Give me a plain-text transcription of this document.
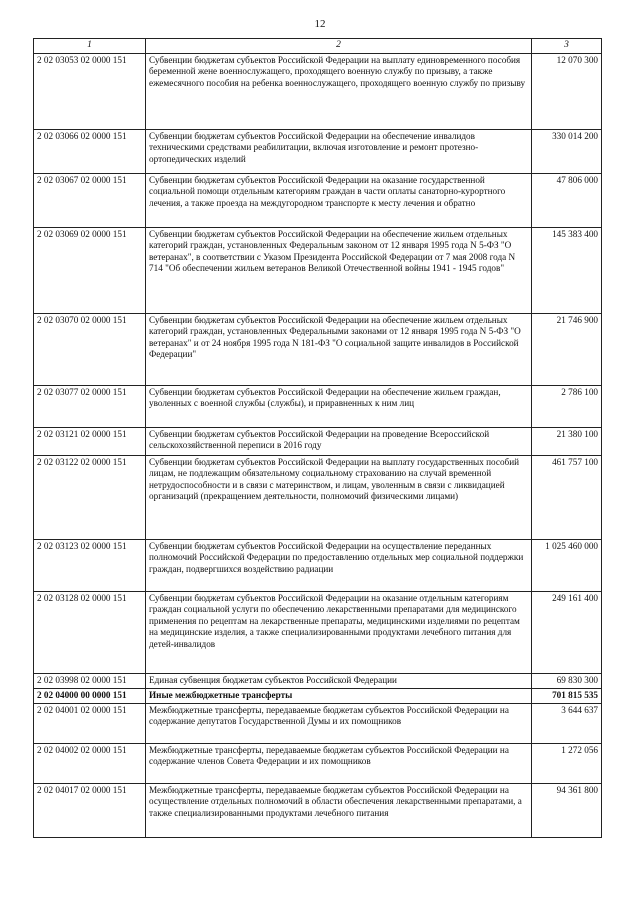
12
1	2	3
2 02 03053 02 0000 151	Субвенции бюджетам субъектов Российской Федерации на выплату единовременного пособия беременной жене военнослужащего, проходящего военную службу по призыву, а также ежемесячного пособия на ребенка военнослужащего, проходящего военную службу по призыву	12 070 300
2 02 03066 02 0000 151	Субвенции бюджетам субъектов Российской Федерации на обеспечение инвалидов техническими средствами реабилитации, включая изготовление и ремонт протезно-ортопедических изделий	330 014 200
2 02 03067 02 0000 151	Субвенции бюджетам субъектов Российской Федерации на оказание государственной социальной помощи отдельным категориям граждан в части оплаты санаторно-курортного лечения, а также проезда на междугородном транспорте к месту лечения и обратно	47 806 000
2 02 03069 02 0000 151	Субвенции бюджетам субъектов Российской Федерации на обеспечение жильем отдельных категорий граждан, установленных Федеральным законом от 12 января 1995 года N 5-ФЗ "О ветеранах", в соответствии с Указом Президента Российской Федерации от 7 мая 2008 года N 714 "Об обеспечении жильем ветеранов Великой Отечественной войны 1941 - 1945 годов"	145 383 400
2 02 03070 02 0000 151	Субвенции бюджетам субъектов Российской Федерации на обеспечение жильем отдельных категорий граждан, установленных Федеральными законами от 12 января 1995 года N 5-ФЗ "О ветеранах" и от 24 ноября 1995 года N 181-ФЗ "О социальной защите инвалидов в Российской Федерации"	21 746 900
2 02 03077 02 0000 151	Субвенции бюджетам субъектов Российской Федерации на обеспечение жильем граждан, уволенных с военной службы (службы), и приравненных к ним лиц	2 786 100
2 02 03121 02 0000 151	Субвенции бюджетам субъектов Российской Федерации на проведение Всероссийской сельскохозяйственной переписи в 2016 году	21 380 100
2 02 03122 02 0000 151	Субвенции бюджетам субъектов Российской Федерации на выплату государственных пособий лицам, не подлежащим обязательному социальному страхованию на случай временной нетрудоспособности и в связи с материнством, и лицам, уволенным в связи с ликвидацией организаций (прекращением деятельности, полномочий физическими лицами)	461 757 100
2 02 03123 02 0000 151	Субвенции бюджетам субъектов Российской Федерации на осуществление переданных полномочий Российской Федерации по предоставлению отдельных мер социальной поддержки граждан, подвергшихся воздействию радиации	1 025 460 000
2 02 03128 02 0000 151	Субвенции бюджетам субъектов Российской Федерации на оказание отдельным категориям граждан социальной услуги по обеспечению лекарственными препаратами для медицинского применения по рецептам на лекарственные препараты, медицинскими изделиями по рецептам на медицинские изделия, а также специализированными продуктами лечебного питания для детей-инвалидов	249 161 400
2 02 03998 02 0000 151	Единая субвенция бюджетам субъектов Российской Федерации	69 830 300
2 02 04000 00 0000 151	Иные межбюджетные трансферты	701 815 535
2 02 04001 02 0000 151	Межбюджетные трансферты, передаваемые бюджетам субъектов Российской Федерации на содержание депутатов Государственной Думы и их помощников	3 644 637
2 02 04002 02 0000 151	Межбюджетные трансферты, передаваемые бюджетам субъектов Российской Федерации на содержание членов Совета Федерации и их помощников	1 272 056
2 02 04017 02 0000 151	Межбюджетные трансферты, передаваемые бюджетам субъектов Российской Федерации на осуществление отдельных полномочий в области обеспечения лекарственными препаратами, а также специализированными продуктами лечебного питания	94 361 800
